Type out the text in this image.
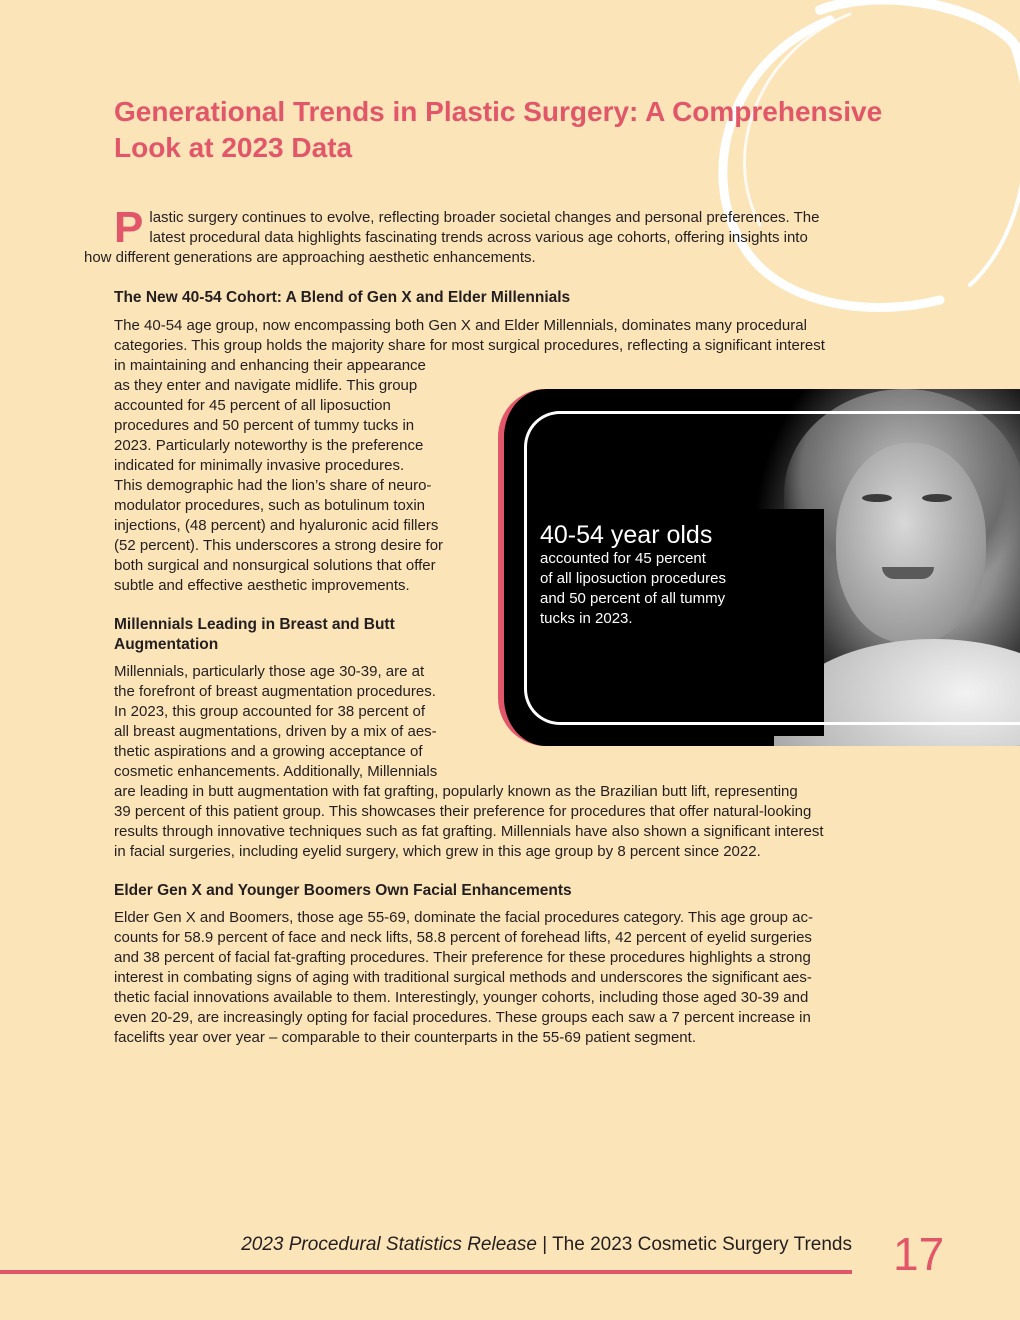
Generational Trends in Plastic Surgery: A Comprehensive Look at 2023 Data

P lastic surgery continues to evolve, reflecting broader societal changes and personal preferences. The
latest procedural data highlights fascinating trends across various age cohorts, offering insights into
how different generations are approaching aesthetic enhancements.

The New 40-54 Cohort: A Blend of Gen X and Elder Millennials

The 40-54 age group, now encompassing both Gen X and Elder Millennials, dominates many procedural
categories. This group holds the majority share for most surgical procedures, reflecting a significant interest
in maintaining and enhancing their appearance
as they enter and navigate midlife. This group
accounted for 45 percent of all liposuction
procedures and 50 percent of tummy tucks in
2023. Particularly noteworthy is the preference
indicated for minimally invasive procedures.
This demographic had the lion’s share of neuro-
modulator procedures, such as botulinum toxin
injections, (48 percent) and hyaluronic acid fillers
(52 percent). This underscores a strong desire for
both surgical and nonsurgical solutions that offer
subtle and effective aesthetic improvements.

Millennials Leading in Breast and Butt
Augmentation

Millennials, particularly those age 30-39, are at
the forefront of breast augmentation procedures.
In 2023, this group accounted for 38 percent of
all breast augmentations, driven by a mix of aes-
thetic aspirations and a growing acceptance of
cosmetic enhancements. Additionally, Millennials
are leading in butt augmentation with fat grafting, popularly known as the Brazilian butt lift, representing
39 percent of this patient group. This showcases their preference for procedures that offer natural-looking
results through innovative techniques such as fat grafting. Millennials have also shown a significant interest
in facial surgeries, including eyelid surgery, which grew in this age group by 8 percent since 2022.

Elder Gen X and Younger Boomers Own Facial Enhancements

Elder Gen X and Boomers, those age 55-69, dominate the facial procedures category. This age group ac-
counts for 58.9 percent of face and neck lifts, 58.8 percent of forehead lifts, 42 percent of eyelid surgeries
and 38 percent of facial fat-grafting procedures. Their preference for these procedures highlights a strong
interest in combating signs of aging with traditional surgical methods and underscores the significant aes-
thetic facial innovations available to them. Interestingly, younger cohorts, including those aged 30-39 and
even 20-29, are increasingly opting for facial procedures. These groups each saw a 7 percent increase in
facelifts year over year – comparable to their counterparts in the 55-69 patient segment.

40-54 year olds

accounted for 45 percent
of all liposuction procedures
and 50 percent of all tummy
tucks in 2023.

2023 Procedural Statistics Release | The 2023 Cosmetic Surgery Trends 17
